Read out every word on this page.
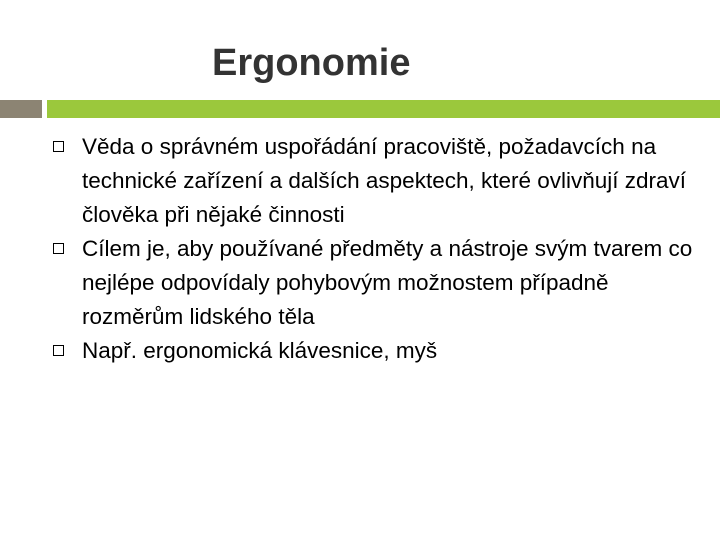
Ergonomie
Věda o správném uspořádání pracoviště, požadavcích na technické zařízení a dalších aspektech, které ovlivňují zdraví člověka při nějaké činnosti
Cílem je, aby používané předměty a nástroje svým tvarem co nejlépe odpovídaly pohybovým možnostem případně rozměrům lidského těla
Např. ergonomická klávesnice, myš
